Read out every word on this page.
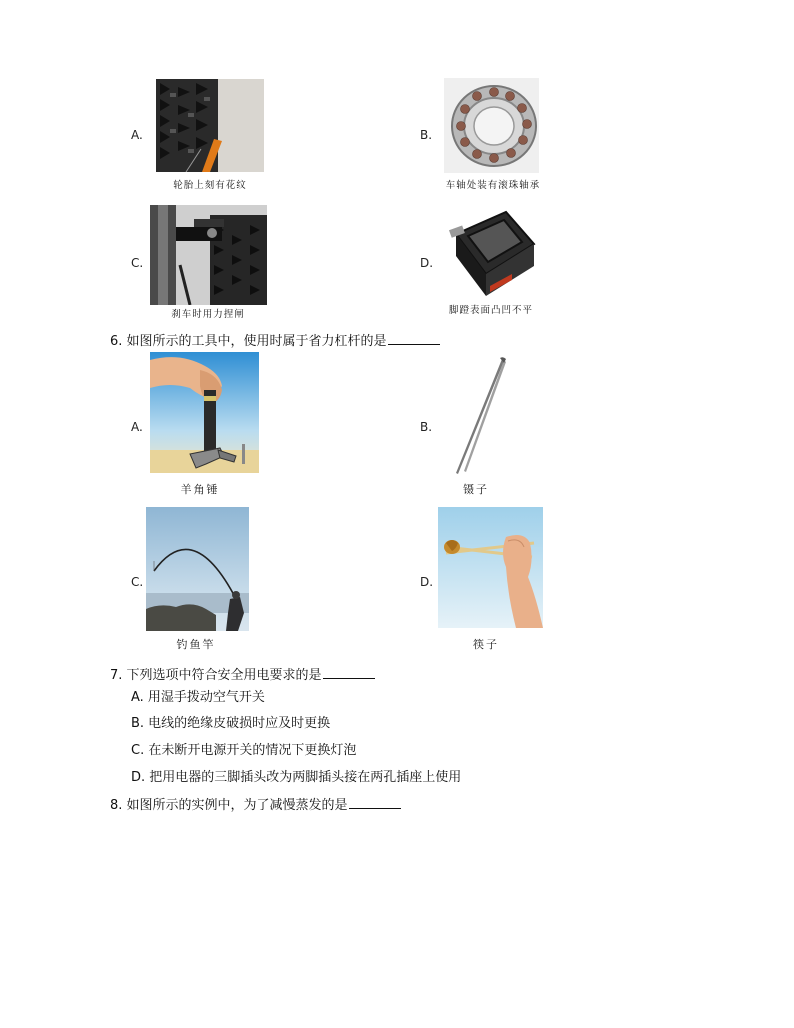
A.
轮胎上刻有花纹
B.
车轴处装有滚珠轴承
C.
刹车时用力捏闸
D.
脚蹬表面凸凹不平
6. 如图所示的工具中，使用时属于省力杠杆的是
A.
羊角锤
B.
镊子
C.
钓鱼竿
D.
筷子
7. 下列选项中符合安全用电要求的是
A. 用湿手拨动空气开关
B. 电线的绝缘皮破损时应及时更换
C. 在未断开电源开关的情况下更换灯泡
D. 把用电器的三脚插头改为两脚插头接在两孔插座上使用
8. 如图所示的实例中，为了减慢蒸发的是
